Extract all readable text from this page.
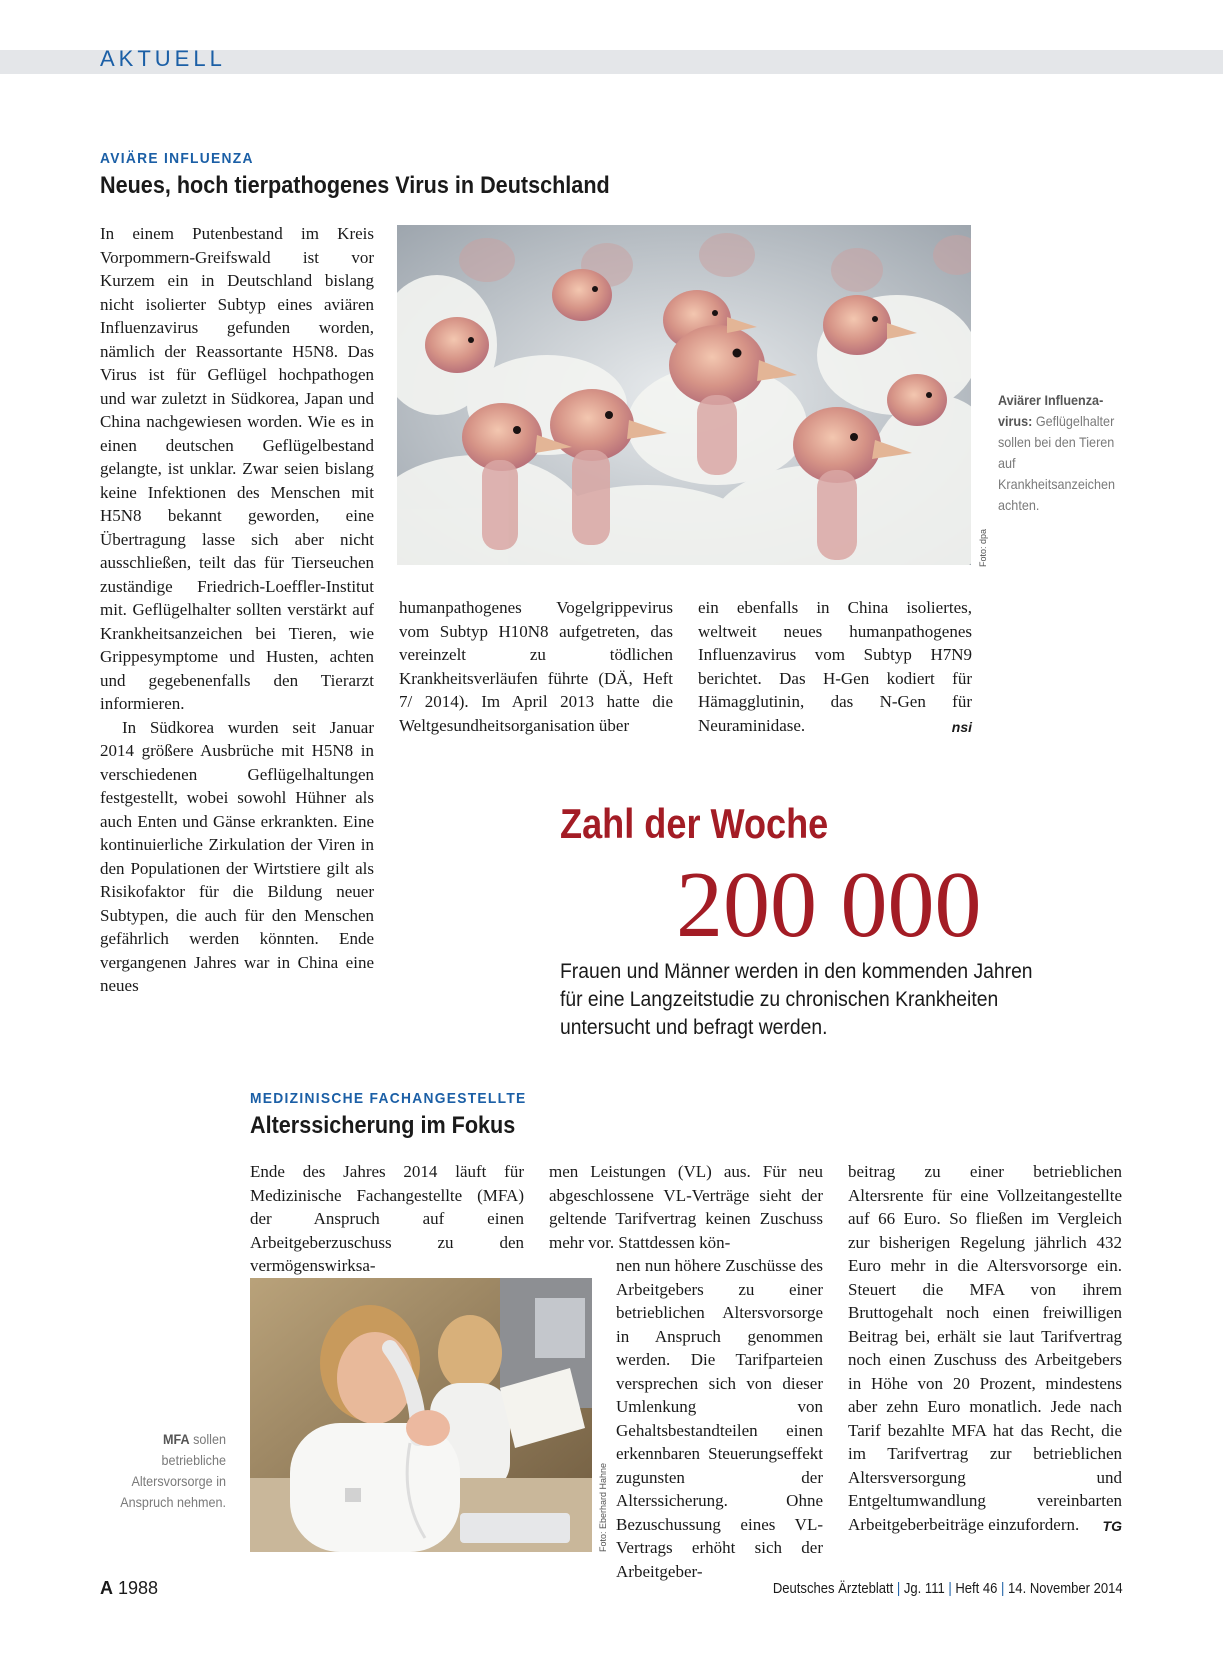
AKTUELL
AVIÄRE INFLUENZA
Neues, hoch tierpathogenes Virus in Deutschland

In einem Putenbestand im Kreis Vorpommern-Greifswald ist vor Kurzem ein in Deutschland bislang nicht isolierter Subtyp eines aviären Influenzavirus gefunden worden, nämlich der Reassortante H5N8. Das Virus ist für Geflügel hochpathogen und war zuletzt in Südkorea, Japan und China nachgewiesen worden. Wie es in einen deutschen Geflügelbestand gelangte, ist unklar. Zwar seien bislang keine Infektionen des Menschen mit H5N8 bekannt geworden, eine Übertragung lasse sich aber nicht ausschließen, teilt das für Tierseuchen zuständige Friedrich-Loeffler-Institut mit. Geflügelhalter sollten verstärkt auf Krankheitsanzeichen bei Tieren, wie Grippesymptome und Husten, achten und gegebenenfalls den Tierarzt informieren.

In Südkorea wurden seit Januar 2014 größere Ausbrüche mit H5N8 in verschiedenen Geflügelhaltungen festgestellt, wobei sowohl Hühner als auch Enten und Gänse erkrankten. Eine kontinuierliche Zirkulation der Viren in den Populationen der Wirtstiere gilt als Risikofaktor für die Bildung neuer Subtypen, die auch für den Menschen gefährlich werden könnten. Ende vergangenen Jahres war in China eine neues

Foto: dpa
Aviärer Influenza-virus: Geflügelhalter sollen bei den Tieren auf Krankheitsanzeichen achten.

humanpathogenes Vogelgrippevirus vom Subtyp H10N8 aufgetreten, das vereinzelt zu tödlichen Krankheitsverläufen führte (DÄ, Heft 7/ 2014). Im April 2013 hatte die Weltgesundheitsorganisation über

ein ebenfalls in China isoliertes, weltweit neues humanpathogenes Influenzavirus vom Subtyp H7N9 berichtet. Das H-Gen kodiert für Hämagglutinin, das N-Gen für Neuraminidase.	nsi

Zahl der Woche
200 000
Frauen und Männer werden in den kommenden Jahren für eine Langzeitstudie zu chronischen Krankheiten untersucht und befragt werden.
MEDIZINISCHE FACHANGESTELLTE
Alterssicherung im Fokus

Ende des Jahres 2014 läuft für Medizinische Fachangestellte (MFA) der Anspruch auf einen Arbeitgeberzuschuss zu den vermögenswirksa-

Foto: Eberhard Hahne
MFA sollen betriebliche Altersvorsorge in Anspruch nehmen.

men Leistungen (VL) aus. Für neu abgeschlossene VL-Verträge sieht der geltende Tarifvertrag keinen Zuschuss mehr vor. Stattdessen kön-

nen nun höhere Zuschüsse des Arbeitgebers zu einer betrieblichen Altersvorsorge in Anspruch genommen werden. Die Tarifparteien versprechen sich von dieser Umlenkung von Gehaltsbestandteilen einen erkennbaren Steuerungseffekt zugunsten der Alterssicherung. Ohne Bezuschussung eines VL-Vertrags erhöht sich der Arbeitgeber-

beitrag zu einer betrieblichen Altersrente für eine Vollzeitangestellte auf 66 Euro. So fließen im Vergleich zur bisherigen Regelung jährlich 432 Euro mehr in die Altersvorsorge ein. Steuert die MFA von ihrem Bruttogehalt noch einen freiwilligen Beitrag bei, erhält sie laut Tarifvertrag noch einen Zuschuss des Arbeitgebers in Höhe von 20 Prozent, mindestens aber zehn Euro monatlich. Jede nach Tarif bezahlte MFA hat das Recht, die im Tarifvertrag zur betrieblichen Altersversorgung und Entgeltumwandlung vereinbarten Arbeitgeberbeiträge einzufordern. TG

A 1988	Deutsches Ärzteblatt | Jg. 111 | Heft 46 | 14. November 2014
